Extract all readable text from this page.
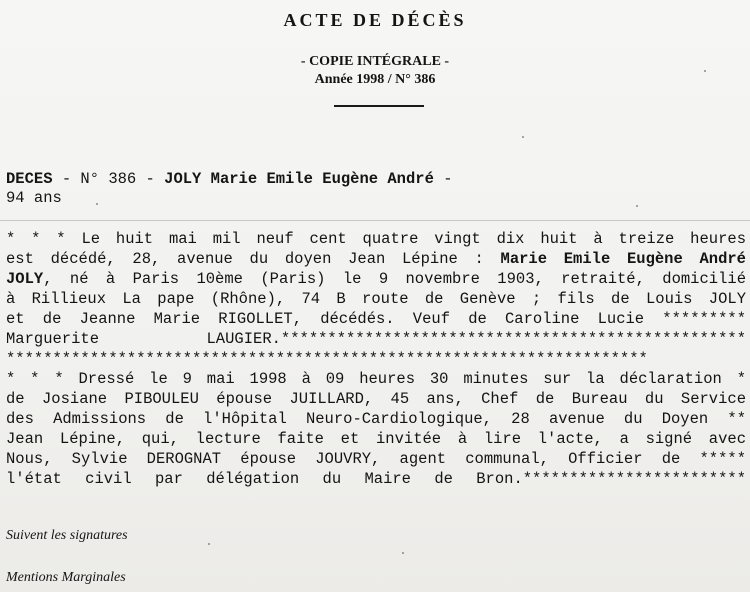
ACTE DE DÉCÈS
- COPIE INTÉGRALE -
Année 1998 / N° 386
DECES - N° 386 - JOLY Marie Emile Eugène André -
94 ans
* * * Le huit mai mil neuf cent quatre vingt dix huit à treize heures
est décédé, 28, avenue du doyen Jean Lépine : Marie Emile Eugène André
JOLY, né à Paris 10ème (Paris) le 9 novembre 1903, retraité, domicilié
à Rillieux La pape (Rhône), 74 B route de Genève ; fils de Louis JOLY
et de Jeanne Marie RIGOLLET, décédés. Veuf de Caroline Lucie *********
Marguerite LAUGIER.**************************************************
*********************************************************************
* * * Dressé le 9 mai 1998 à 09 heures 30 minutes sur la déclaration *
de Josiane PIBOULEU épouse JUILLARD, 45 ans, Chef de Bureau du Service
des Admissions de l'Hôpital Neuro-Cardiologique, 28 avenue du Doyen **
Jean Lépine, qui, lecture faite et invitée à lire l'acte, a signé avec
Nous, Sylvie DEROGNAT épouse JOUVRY, agent communal, Officier de *****
l'état civil par délégation du Maire de Bron.************************
Suivent les signatures
Mentions Marginales
